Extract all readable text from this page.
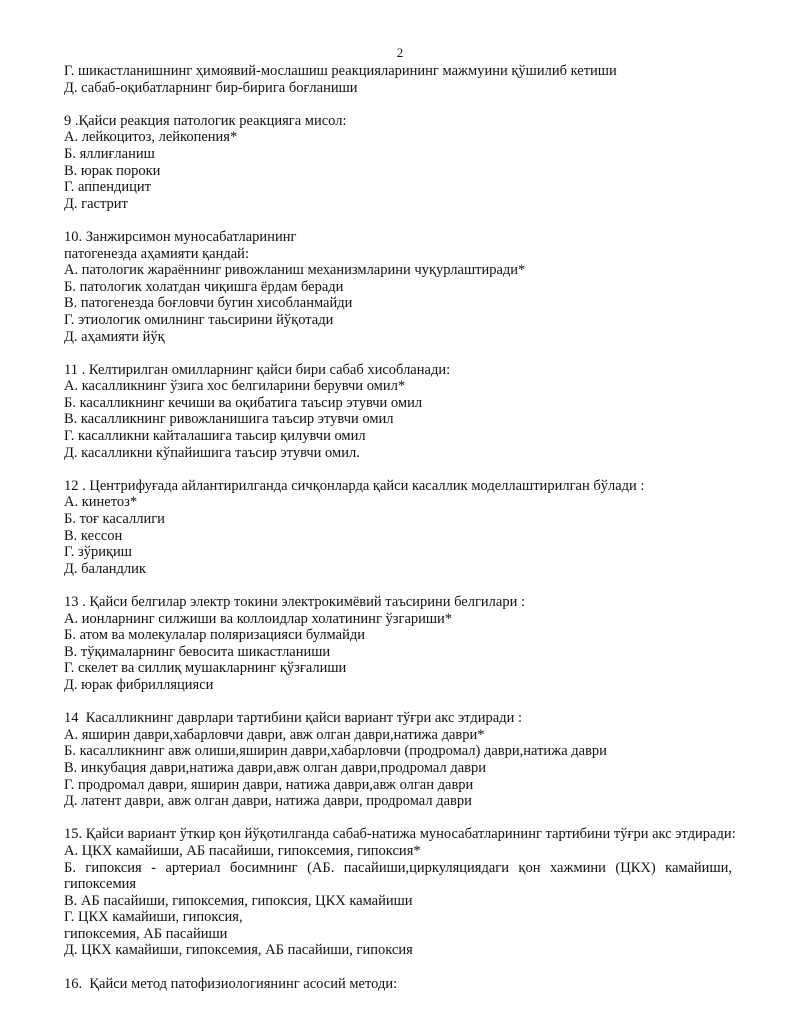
2
Г. шикастланишнинг ҳимоявий-мослашиш реакцияларининг мажмуини қўшилиб кетиши
Д. сабаб-оқибатларнинг бир-бирига боғланиши
9 .Қайси реакция патологик реакцияга мисол:
А. лейкоцитоз, лейкопения*
Б. яллиғланиш
В. юрак пороки
Г. аппендицит
Д. гастрит
10. Занжирсимон муносабатларининг
патогенезда аҳамияти қандай:
А. патологик жараённинг ривожланиш механизмларини чуқурлаштиради*
Б. патологик холатдан чиқишга ёрдам беради
В. патогенезда боғловчи бугин хисобланмайди
Г. этиологик омилнинг таьсирини йўқотади
Д. аҳамияти йўқ
11 . Келтирилган омилларнинг қайси бири сабаб хисобланади:
А. касалликнинг ўзига хос белгиларини берувчи омил*
Б. касалликнинг кечиши ва оқибатига таъсир этувчи омил
В. касалликнинг ривожланишига таъсир этувчи омил
Г. касалликни кайталашига таьсир қилувчи омил
Д. касалликни кўпайишига таъсир этувчи омил.
12 . Центрифуғада айлантирилганда сичқонларда қайси касаллик моделлаштирилган бўлади :
А. кинетоз*
Б. тоғ касаллиги
В. кессон
Г. зўриқиш
Д. баландлик
13 . Қайси белгилар электр токини электрокимёвий таъсирини белгилари :
А. ионларнинг силжиши ва коллоидлар холатининг ўзгариши*
Б. атом ва молекулалар поляризацияси булмайди
В. тўқималарнинг бевосита шикастланиши
Г. скелет ва силлиқ мушакларнинг қўзғалиши
Д. юрак фибрилляцияси
14 Касалликнинг даврлари тартибини қайси вариант тўғри акс этдиради :
А. яширин даври,хабарловчи даври, авж олган даври,натижа даври*
Б. касалликнинг авж олиши,яширин даври,хабарловчи (продромал) даври,натижа даври
В. инкубация даври,натижа даври,авж олган даври,продромал даври
Г. продромал даври, яширин даври, натижа даври,авж олган даври
Д. латент даври, авж олган даври, натижа даври, продромал даври
15. Қайси вариант ўткир қон йўқотилганда сабаб-натижа муносабатларининг тартибини тўғри акс этдиради:
А. ЦКХ камайиши, АБ пасайиши, гипоксемия, гипоксия*
Б. гипоксия - артериал босимнинг (АБ. пасайиши,циркуляциядаги қон хажмини (ЦКХ) камайиши,
гипоксемия
В. АБ пасайиши, гипоксемия, гипоксия, ЦКХ камайиши
Г. ЦКХ камайиши, гипоксия,
гипоксемия, АБ пасайиши
Д. ЦКХ камайиши, гипоксемия, АБ пасайиши, гипоксия
16. Қайси метод патофизиологиянинг асосий методи:
